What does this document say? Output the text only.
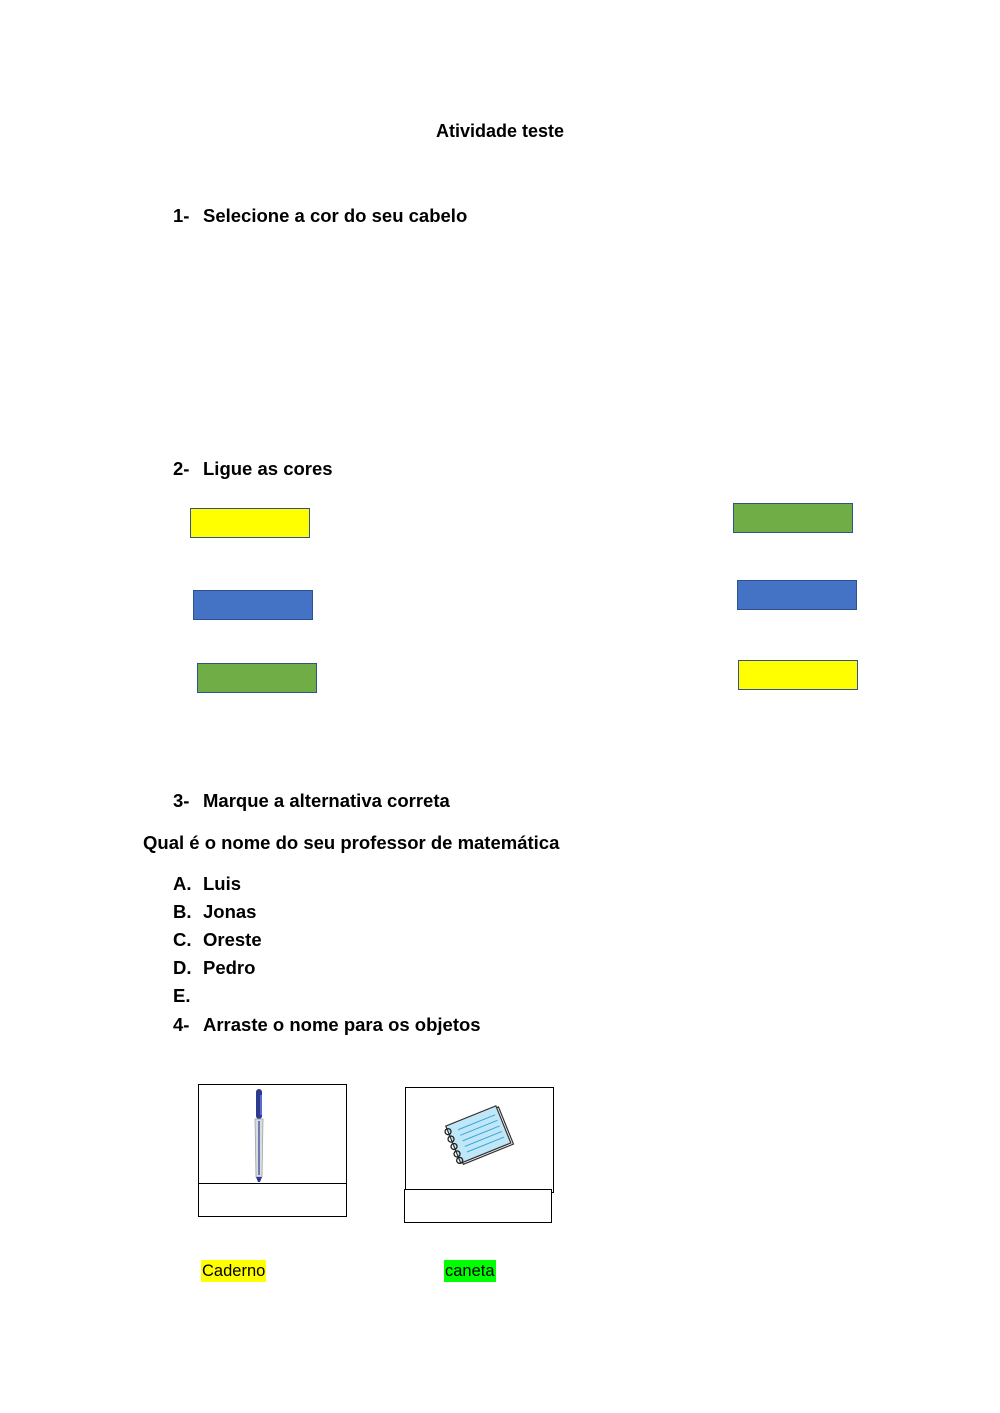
Atividade teste
1- Selecione a cor do seu cabelo
2- Ligue as cores
3- Marque a alternativa correta
Qual é o nome do seu professor de matemática
A. Luis
B. Jonas
C. Oreste
D. Pedro
E.
4- Arraste o nome para os objetos
Caderno	caneta
